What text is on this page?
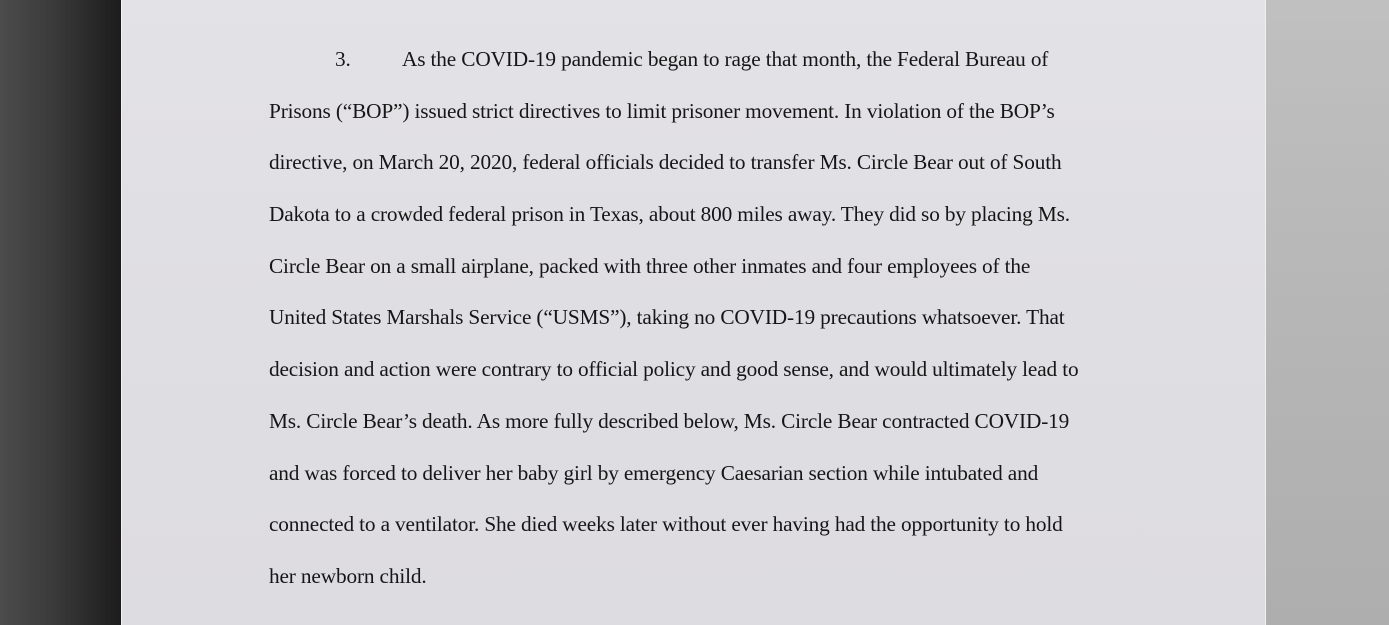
3. As the COVID-19 pandemic began to rage that month, the Federal Bureau of
Prisons (“BOP”) issued strict directives to limit prisoner movement. In violation of the BOP’s
directive, on March 20, 2020, federal officials decided to transfer Ms. Circle Bear out of South
Dakota to a crowded federal prison in Texas, about 800 miles away. They did so by placing Ms.
Circle Bear on a small airplane, packed with three other inmates and four employees of the
United States Marshals Service (“USMS”), taking no COVID-19 precautions whatsoever. That
decision and action were contrary to official policy and good sense, and would ultimately lead to
Ms. Circle Bear’s death. As more fully described below, Ms. Circle Bear contracted COVID-19
and was forced to deliver her baby girl by emergency Caesarian section while intubated and
connected to a ventilator. She died weeks later without ever having had the opportunity to hold
her newborn child.
